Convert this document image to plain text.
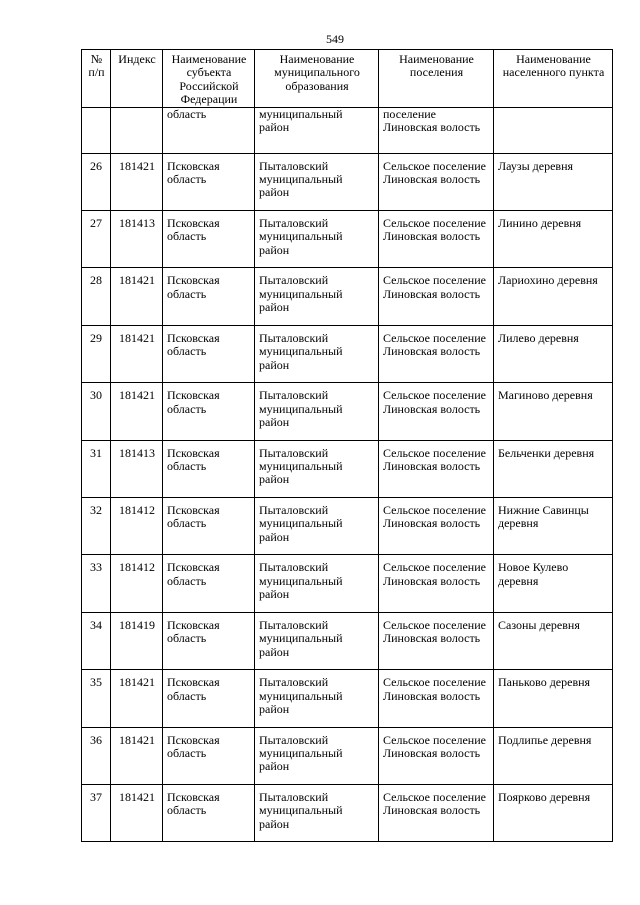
549
№ п/п	Индекс	Наименование субъекта Российской Федерации	Наименование муниципального образования	Наименование поселения	Наименование населенного пункта
		область	муниципальный район	поселение Линовская волость	
26	181421	Псковская область	Пыталовский муниципальный район	Сельское поселение Линовская волость	Лаузы деревня
27	181413	Псковская область	Пыталовский муниципальный район	Сельское поселение Линовская волость	Линино деревня
28	181421	Псковская область	Пыталовский муниципальный район	Сельское поселение Линовская волость	Лариохино деревня
29	181421	Псковская область	Пыталовский муниципальный район	Сельское поселение Линовская волость	Лилево деревня
30	181421	Псковская область	Пыталовский муниципальный район	Сельское поселение Линовская волость	Магиново деревня
31	181413	Псковская область	Пыталовский муниципальный район	Сельское поселение Линовская волость	Бельченки деревня
32	181412	Псковская область	Пыталовский муниципальный район	Сельское поселение Линовская волость	Нижние Савинцы деревня
33	181412	Псковская область	Пыталовский муниципальный район	Сельское поселение Линовская волость	Новое Кулево деревня
34	181419	Псковская область	Пыталовский муниципальный район	Сельское поселение Линовская волость	Сазоны деревня
35	181421	Псковская область	Пыталовский муниципальный район	Сельское поселение Линовская волость	Паньково деревня
36	181421	Псковская область	Пыталовский муниципальный район	Сельское поселение Линовская волость	Подлипье деревня
37	181421	Псковская область	Пыталовский муниципальный район	Сельское поселение Линовская волость	Поярково деревня
